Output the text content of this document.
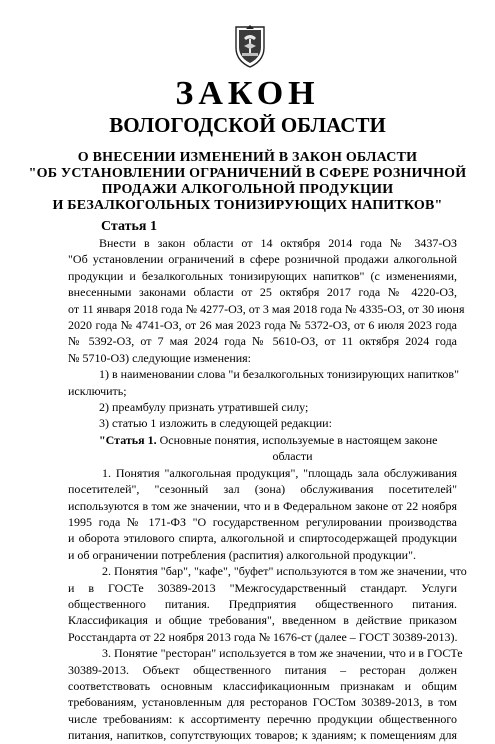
ЗАКОН
ВОЛОГОДСКОЙ ОБЛАСТИ
О ВНЕСЕНИИ ИЗМЕНЕНИЙ В ЗАКОН ОБЛАСТИ
"ОБ УСТАНОВЛЕНИИ ОГРАНИЧЕНИЙ В СФЕРЕ РОЗНИЧНОЙ
ПРОДАЖИ АЛКОГОЛЬНОЙ ПРОДУКЦИИ
И БЕЗАЛКОГОЛЬНЫХ ТОНИЗИРУЮЩИХ НАПИТКОВ"
Статья 1

Внести в закон области от 14 октября 2014 года № 3437-ОЗ

"Об установлении ограничений в сфере розничной продажи алкогольной

продукции и безалкогольных тонизирующих напитков" (с изменениями,

внесенными законами области от 25 октября 2017 года № 4220-ОЗ,

от 11 января 2018 года № 4277-ОЗ, от 3 мая 2018 года № 4335-ОЗ, от 30 июня

2020 года № 4741-ОЗ, от 26 мая 2023 года № 5372-ОЗ, от 6 июля 2023 года

№ 5392-ОЗ, от 7 мая 2024 года № 5610-ОЗ, от 11 октября 2024 года

№ 5710-ОЗ) следующие изменения:

1) в наименовании слова "и безалкогольных тонизирующих напитков"

исключить;

2) преамбулу признать утратившей силу;

3) статью 1 изложить в следующей редакции:

"Статья 1. Основные понятия, используемые в настоящем законе

области

1. Понятия "алкогольная продукция", "площадь зала обслуживания

посетителей", "сезонный зал (зона) обслуживания посетителей"

используются в том же значении, что и в Федеральном законе от 22 ноября

1995 года № 171-ФЗ "О государственном регулировании производства

и оборота этилового спирта, алкогольной и спиртосодержащей продукции

и об ограничении потребления (распития) алкогольной продукции".

2. Понятия "бар", "кафе", "буфет" используются в том же значении, что

и в ГОСТе 30389-2013 "Межгосударственный стандарт. Услуги

общественного питания. Предприятия общественного питания.

Классификация и общие требования", введенном в действие приказом

Росстандарта от 22 ноября 2013 года № 1676-ст (далее – ГОСТ 30389-2013).

3. Понятие "ресторан" используется в том же значении, что и в ГОСТе

30389-2013. Объект общественного питания – ресторан должен

соответствовать основным классификационным признакам и общим

требованиям, установленным для ресторанов ГОСТом 30389-2013, в том

числе требованиям: к ассортименту перечню продукции общественного

питания, напитков, сопутствующих товаров; к зданиям; к помещениям для
